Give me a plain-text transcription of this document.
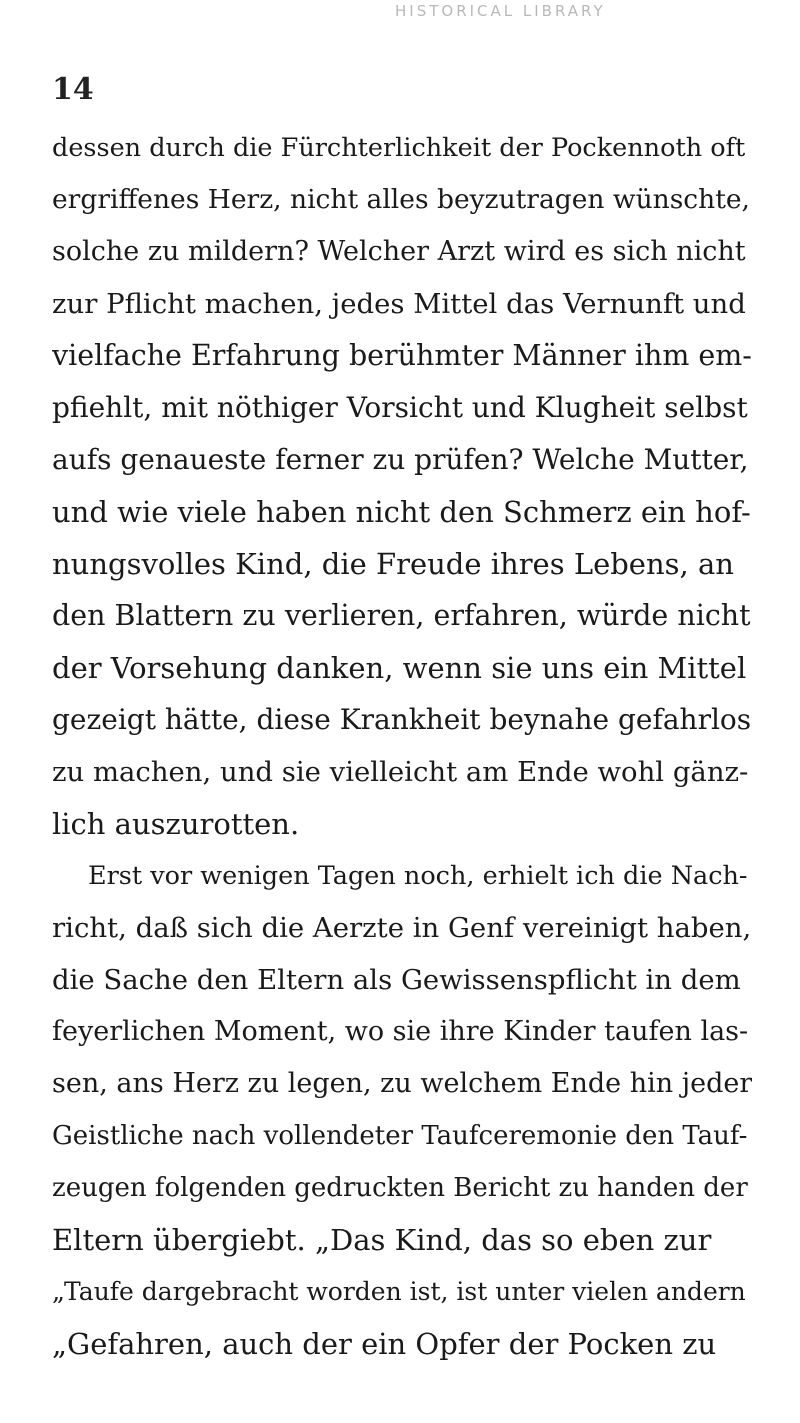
HISTORICAL LIBRARY
14
dessen durch die Fürchterlichkeit der Pockennoth oft
ergriffenes Herz, nicht alles beyzutragen wünschte,
solche zu mildern? Welcher Arzt wird es sich nicht
zur Pflicht machen, jedes Mittel das Vernunft und
vielfache Erfahrung berühmter Männer ihm em-
pfiehlt, mit nöthiger Vorsicht und Klugheit selbst
aufs genaueste ferner zu prüfen? Welche Mutter,
und wie viele haben nicht den Schmerz ein hof-
nungsvolles Kind, die Freude ihres Lebens, an
den Blattern zu verlieren, erfahren, würde nicht
der Vorsehung danken, wenn sie uns ein Mittel
gezeigt hätte, diese Krankheit beynahe gefahrlos
zu machen, und sie vielleicht am Ende wohl gänz-
lich auszurotten.
Erst vor wenigen Tagen noch, erhielt ich die Nach-
richt, daß sich die Aerzte in Genf vereinigt haben,
die Sache den Eltern als Gewissenspflicht in dem
feyerlichen Moment, wo sie ihre Kinder taufen las-
sen, ans Herz zu legen, zu welchem Ende hin jeder
Geistliche nach vollendeter Taufceremonie den Tauf-
zeugen folgenden gedruckten Bericht zu handen der
Eltern übergiebt. „Das Kind, das so eben zur
„Taufe dargebracht worden ist, ist unter vielen andern
„Gefahren, auch der ein Opfer der Pocken zu
